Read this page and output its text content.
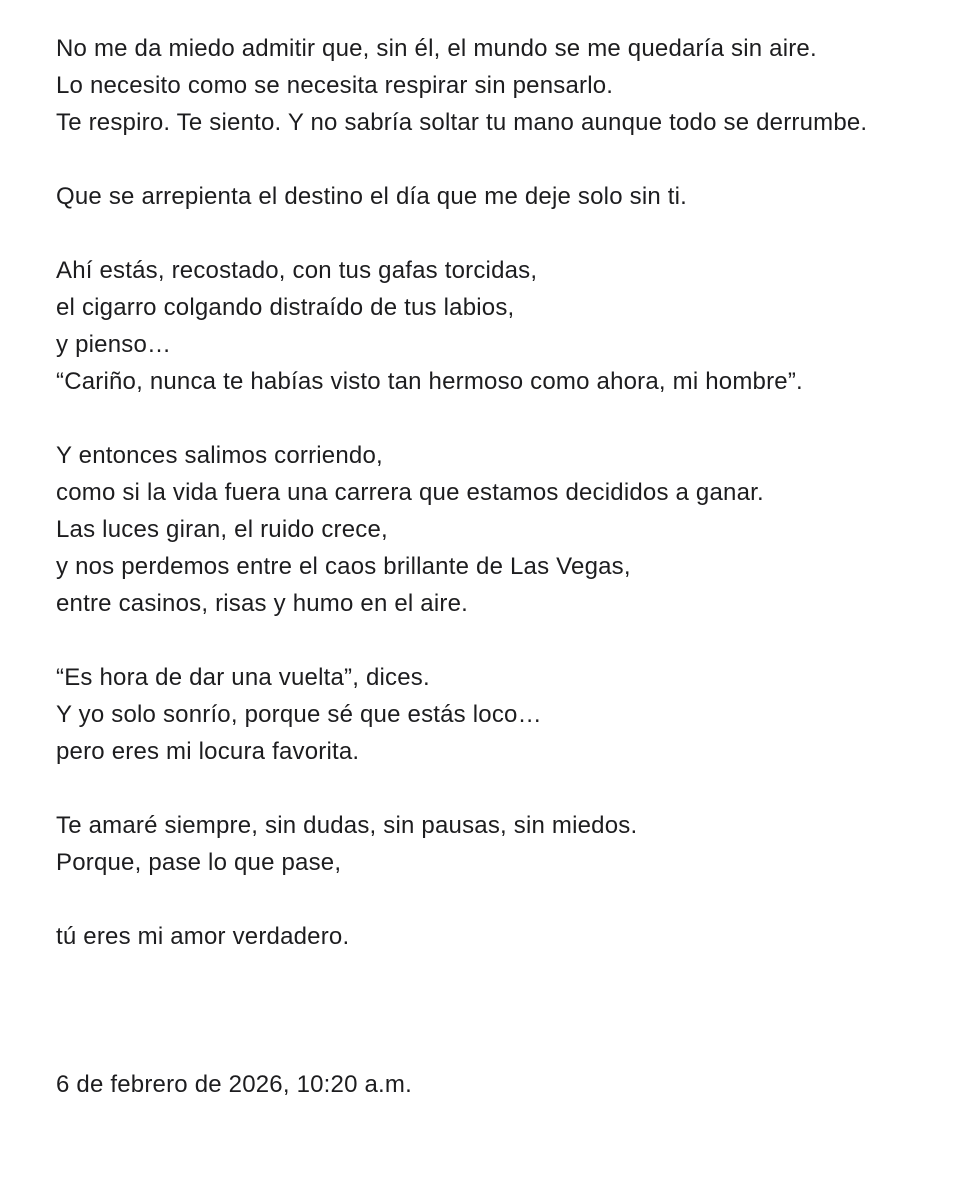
No me da miedo admitir que, sin él, el mundo se me quedaría sin aire.
Lo necesito como se necesita respirar sin pensarlo.
Te respiro. Te siento. Y no sabría soltar tu mano aunque todo se derrumbe.
Que se arrepienta el destino el día que me deje solo sin ti.
Ahí estás, recostado, con tus gafas torcidas,
el cigarro colgando distraído de tus labios,
y pienso…
“Cariño, nunca te habías visto tan hermoso como ahora, mi hombre”.
Y entonces salimos corriendo,
como si la vida fuera una carrera que estamos decididos a ganar.
Las luces giran, el ruido crece,
y nos perdemos entre el caos brillante de Las Vegas,
entre casinos, risas y humo en el aire.
“Es hora de dar una vuelta”, dices.
Y yo solo sonrío, porque sé que estás loco…
pero eres mi locura favorita.
Te amaré siempre, sin dudas, sin pausas, sin miedos.
Porque, pase lo que pase,
tú eres mi amor verdadero.
6 de febrero de 2026, 10:20 a.m.
